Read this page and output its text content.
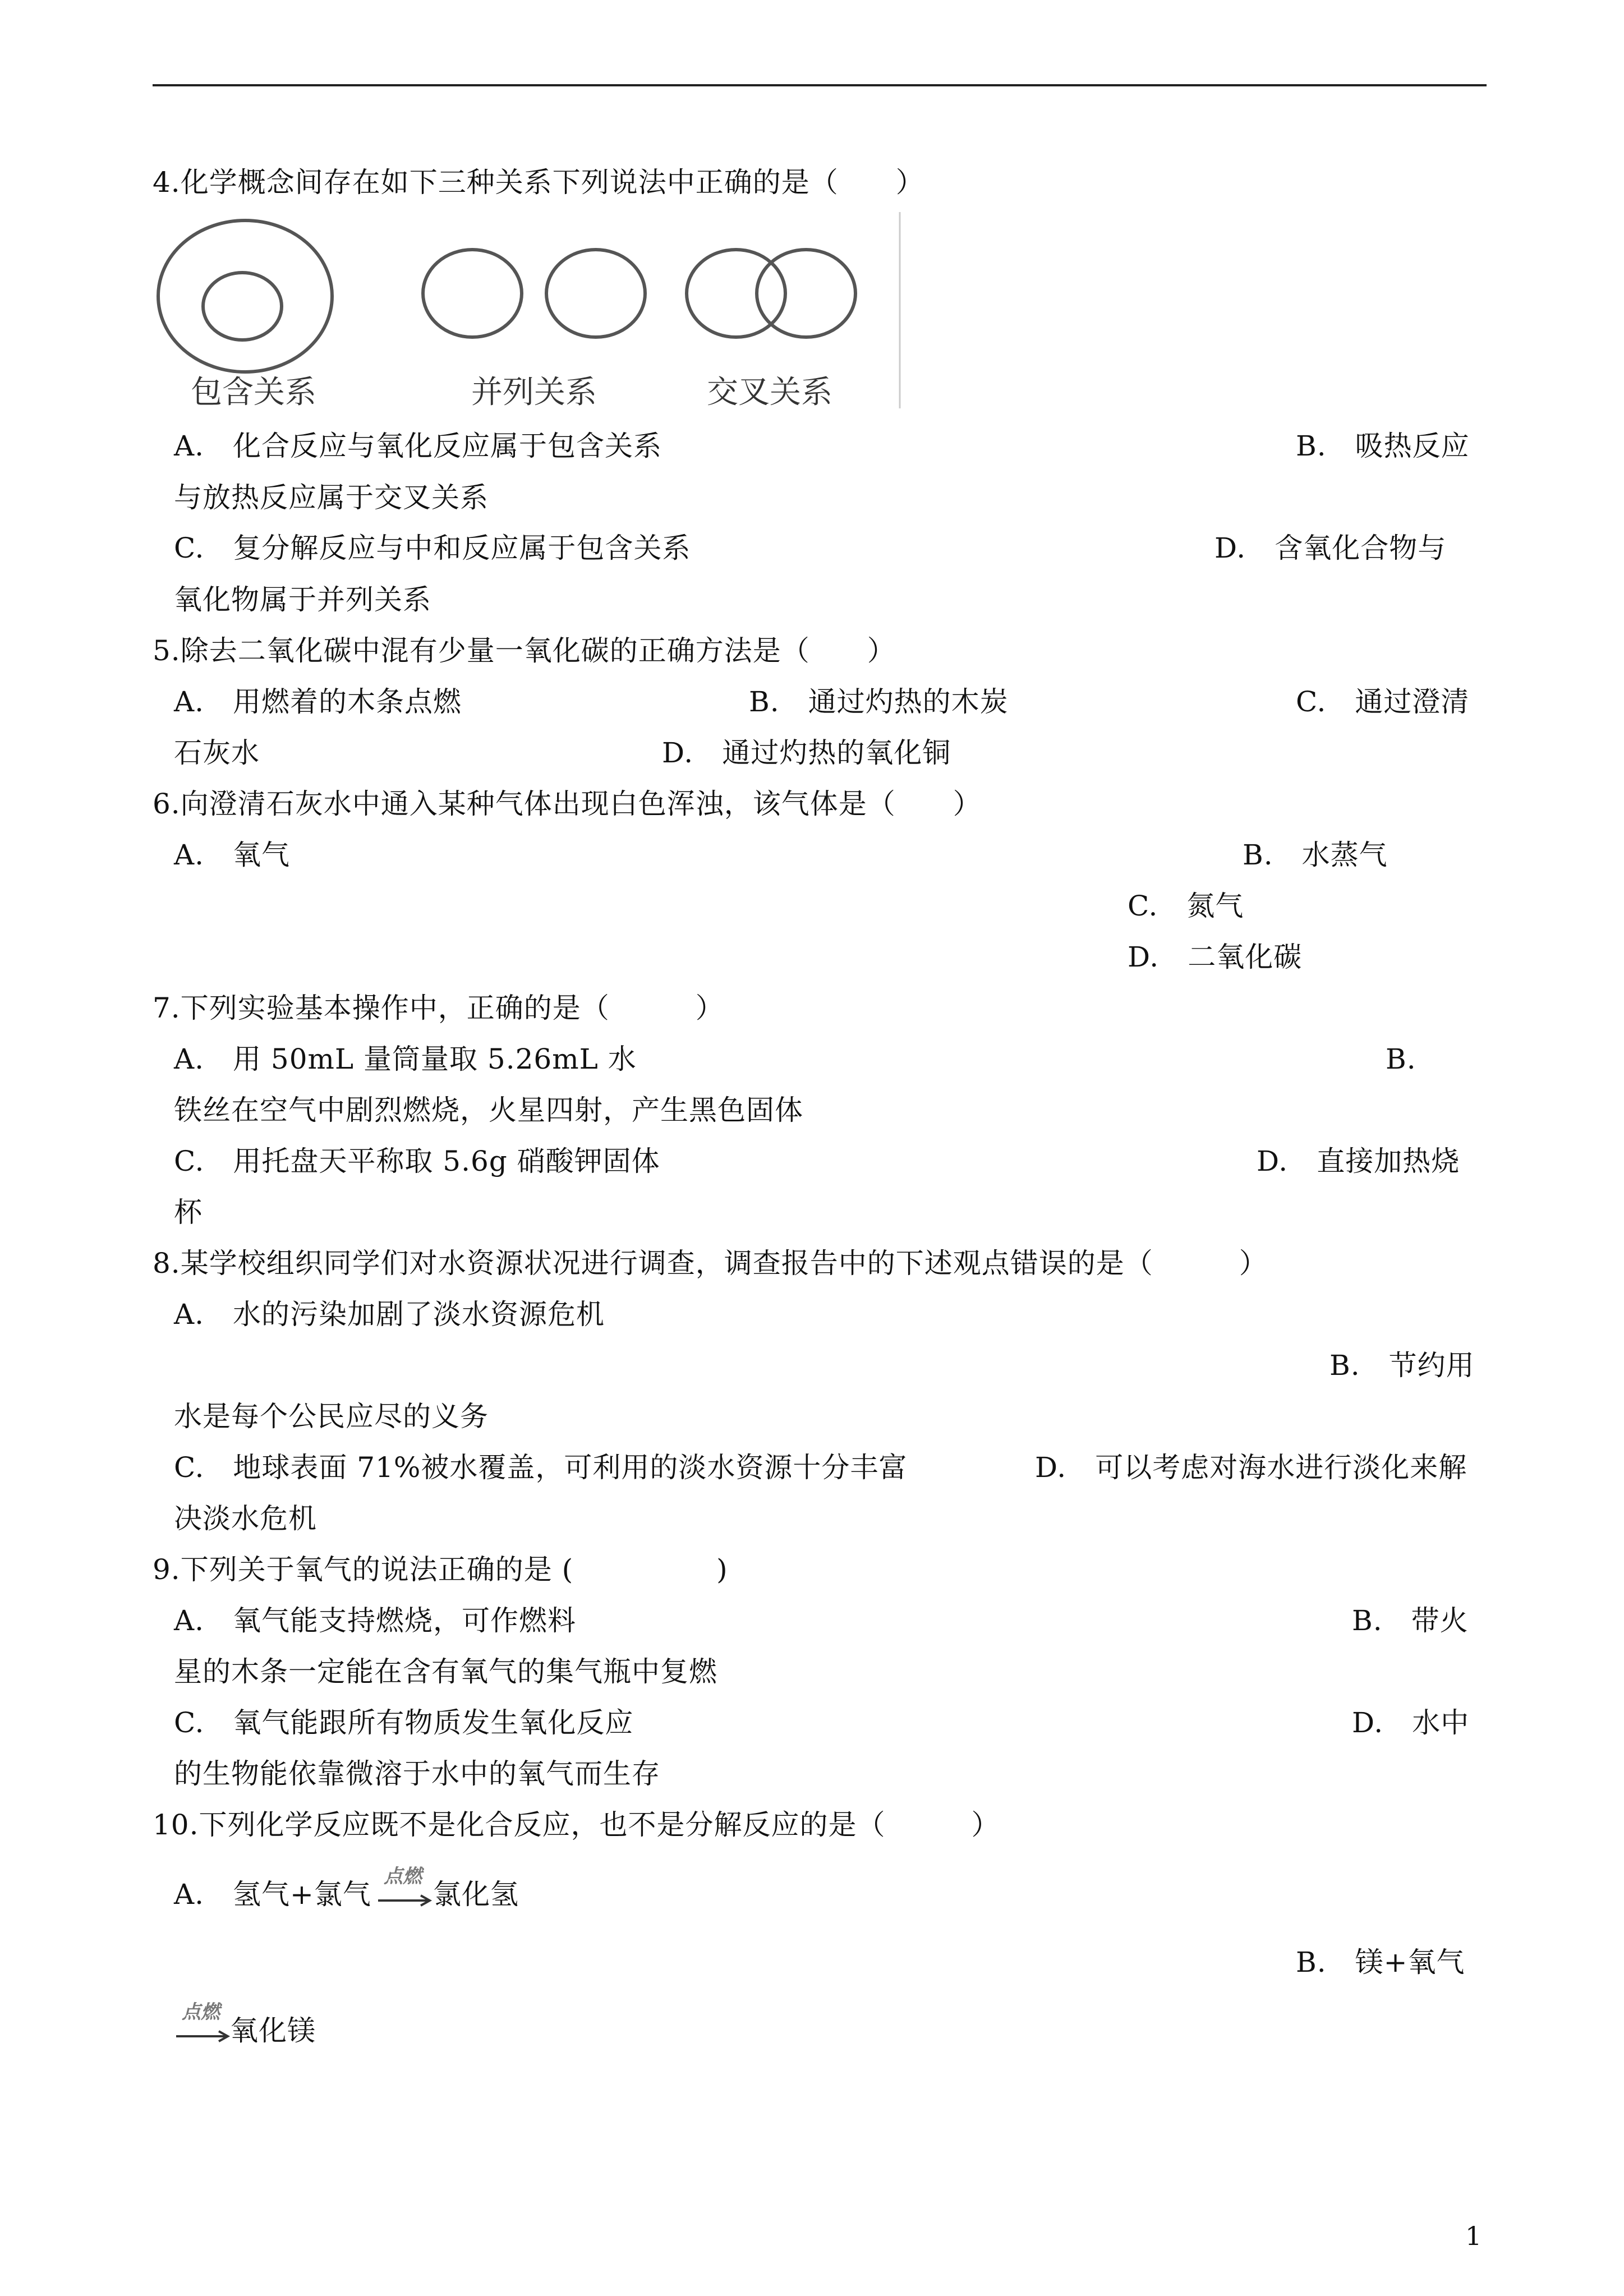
4.化学概念间存在如下三种关系下列说法中正确的是（　　）
包含关系	并列关系	交叉关系
A.　化合反应与氧化反应属于包含关系	B.　吸热反应
与放热反应属于交叉关系
C.　复分解反应与中和反应属于包含关系	D.　含氧化合物与
氧化物属于并列关系
5.除去二氧化碳中混有少量一氧化碳的正确方法是（　　）
A.　用燃着的木条点燃	B.　通过灼热的木炭	C.　通过澄清
石灰水	D.　通过灼热的氧化铜
6.向澄清石灰水中通入某种气体出现白色浑浊，该气体是（　　）
A.　氧气	B.　水蒸气
C.　氮气
D.　二氧化碳
7.下列实验基本操作中，正确的是（　　　）
A.　用 50mL 量筒量取 5.26mL 水	B.
铁丝在空气中剧烈燃烧，火星四射，产生黑色固体
C.　用托盘天平称取 5.6g 硝酸钾固体	D.　直接加热烧
杯
8.某学校组织同学们对水资源状况进行调查，调查报告中的下述观点错误的是（　　　）
A.　水的污染加剧了淡水资源危机
B.　节约用
水是每个公民应尽的义务
C.　地球表面 71%被水覆盖，可利用的淡水资源十分丰富	D.　可以考虑对海水进行淡化来解
决淡水危机
9.下列关于氧气的说法正确的是 (　　　　　)
A.　氧气能支持燃烧，可作燃料	B.　带火
星的木条一定能在含有氧气的集气瓶中复燃
C.　氧气能跟所有物质发生氧化反应	D.　水中
的生物能依靠微溶于水中的氧气而生存
10.下列化学反应既不是化合反应，也不是分解反应的是（　　　）
A.　氢气+氯气
点燃
氯化氢
B.　镁+氧气
点燃
氧化镁
1
